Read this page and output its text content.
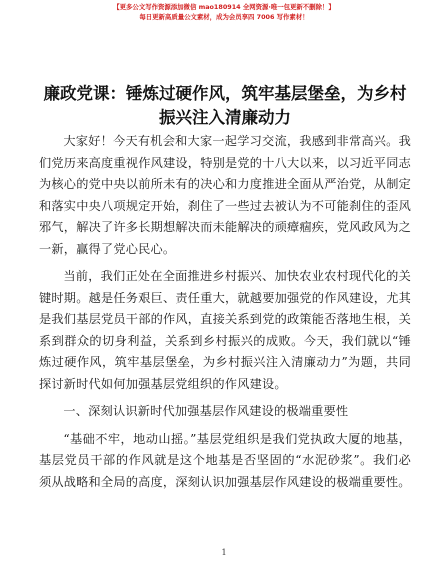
【更多公文写作资源添加微信 mao180914 全网资源·唯一包更新不删除！】
每日更新高质量公文素材，成为会员享四 7006 写作素材！
廉政党课：锤炼过硬作风，筑牢基层堡垒，为乡村振兴注入清廉动力

大家好！今天有机会和大家一起学习交流，我感到非常高兴。我们党历来高度重视作风建设，特别是党的十八大以来，以习近平同志为核心的党中央以前所未有的决心和力度推进全面从严治党，从制定和落实中央八项规定开始，刹住了一些过去被认为不可能刹住的歪风邪气，解决了许多长期想解决而未能解决的顽瘴痼疾，党风政风为之一新，赢得了党心民心。

当前，我们正处在全面推进乡村振兴、加快农业农村现代化的关键时期。越是任务艰巨、责任重大，就越要加强党的作风建设，尤其是我们基层党员干部的作风，直接关系到党的政策能否落地生根，关系到群众的切身利益，关系到乡村振兴的成败。今天，我们就以“锤炼过硬作风，筑牢基层堡垒，为乡村振兴注入清廉动力”为题，共同探讨新时代如何加强基层党组织的作风建设。

一、深刻认识新时代加强基层作风建设的极端重要性

“基础不牢，地动山摇。”基层党组织是我们党执政大厦的地基，基层党员干部的作风就是这个地基是否坚固的“水泥砂浆”。我们必须从战略和全局的高度，深刻认识加强基层作风建设的极端重要性。

1
